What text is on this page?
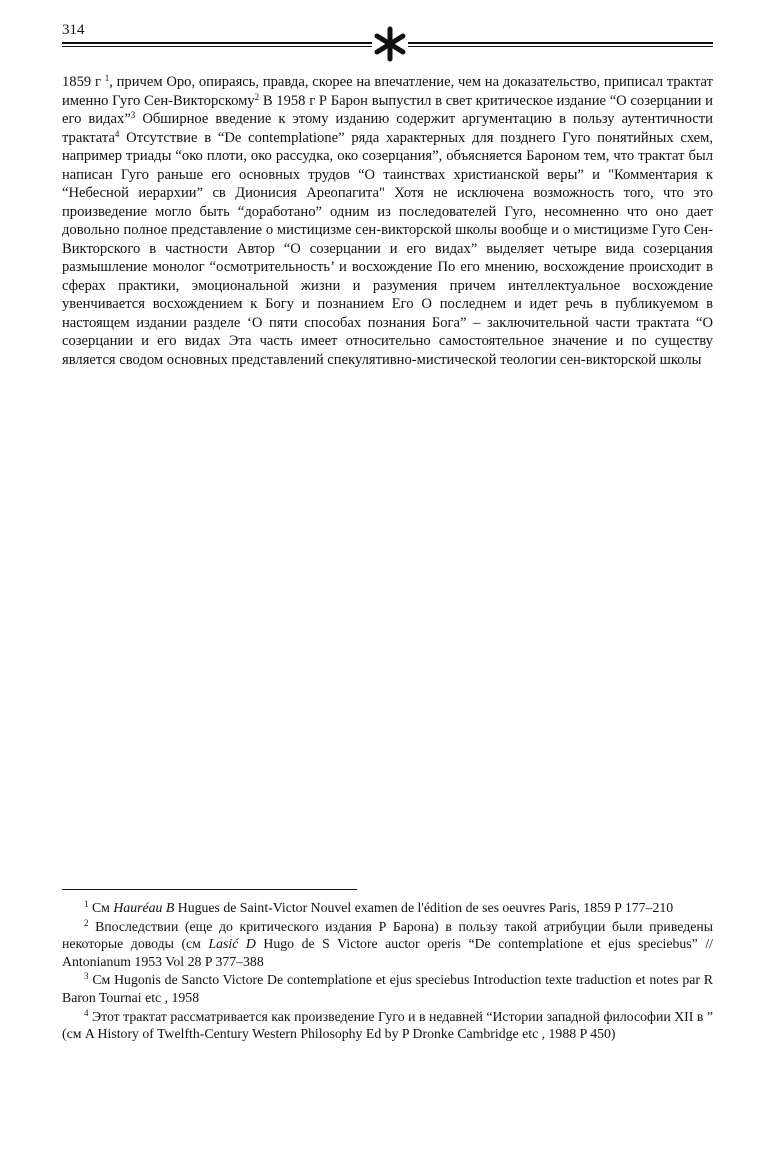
314

1859 г $^1$, причем Оро, опираясь, правда, скорее на впечатление, чем на доказательство, приписал трактат именно Гуго Сен-Викторскому$^2$ В 1958 г Р Барон выпустил в свет критическое издание “О созерцании и его видах”$^3$ Обширное введение к этому изданию содержит аргументацию в пользу аутентичности трактата$^4$ Отсутствие в “De contemplatione” ряда характерных для позднего Гуго понятийных схем, например триады “око плоти, око рассудка, око созерцания”, объясняется Бароном тем, что трактат был написан Гуго раньше его основных трудов “О таинствах христианской веры” и "Комментария к “Небесной иерархии” св Дионисия Ареопагита" Хотя не исключена возможность того, что это произведение могло быть “доработано” одним из последователей Гуго, несомненно что оно дает довольно полное представление о мистицизме сен-викторской школы вообще и о мистицизме Гуго Сен-Викторского в частности Автор “О созерцании и его видах” выделяет четыре вида созерцания размышление монолог “осмотрительность’ и восхождение По его мнению, восхождение происходит в сферах практики, эмоциональной жизни и разумения причем интеллектуальное восхождение увенчивается восхождением к Богу и познанием Его О последнем и идет речь в публикуемом в настоящем издании разделе ‘О пяти способах познания Бога” – заключительной части трактата “О созерцании и его видах Эта часть имеет относительно самостоятельное значение и по существу является сводом основных представлений спекулятивно-мистической теологии сен-викторской школы

$^1$ См Hauréau B Hugues de Saint-Victor Nouvel examen de l'édition de ses oeuvres Paris, 1859 P 177–210

$^2$ Впоследствии (еще до критического издания Р Барона) в пользу такой атрибуции были приведены некоторые доводы (см Lasić D Hugo de S Victore auctor operis “De contemplatione et ejus speciebus” // Antonianum 1953 Vol 28 P 377–388

$^3$ См Hugonis de Sancto Victore De contemplatione et ejus speciebus Introduction texte traduction et notes par R Baron Tournai etc , 1958

$^4$ Этот трактат рассматривается как произведение Гуго и в недавней “Истории западной философии XII в ” (см A History of Twelfth-Century Western Philosophy Ed by P Dronke Cambridge etc , 1988 P 450)
